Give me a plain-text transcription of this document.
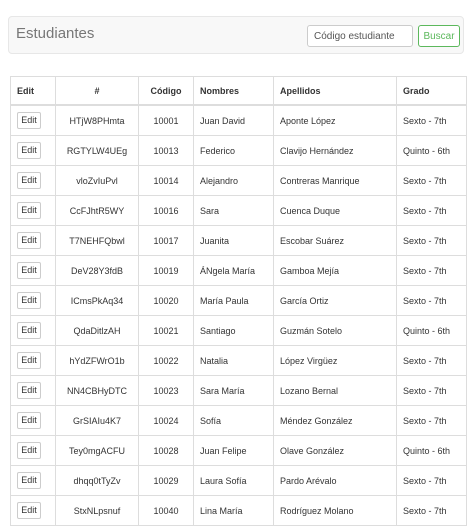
Estudiantes
Código estudiante	Buscar
Edit	#	Código	Nombres	Apellidos	Grado
Edit	HTjW8PHmta	10001	Juan David	Aponte López	Sexto - 7th
Edit	RGTYLW4UEg	10013	Federico	Clavijo Hernández	Quinto - 6th
Edit	vloZvIuPvl	10014	Alejandro	Contreras Manrique	Sexto - 7th
Edit	CcFJhtR5WY	10016	Sara	Cuenca Duque	Sexto - 7th
Edit	T7NEHFQbwl	10017	Juanita	Escobar Suárez	Sexto - 7th
Edit	DeV28Y3fdB	10019	ÁNgela María	Gamboa Mejía	Sexto - 7th
Edit	ICmsPkAq34	10020	María Paula	García Ortiz	Sexto - 7th
Edit	QdaDitlzAH	10021	Santiago	Guzmán Sotelo	Quinto - 6th
Edit	hYdZFWrO1b	10022	Natalia	López Virgüez	Sexto - 7th
Edit	NN4CBHyDTC	10023	Sara María	Lozano Bernal	Sexto - 7th
Edit	GrSIAIu4K7	10024	Sofía	Méndez González	Sexto - 7th
Edit	Tey0mgACFU	10028	Juan Felipe	Olave González	Quinto - 6th
Edit	dhqq0tTyZv	10029	Laura Sofía	Pardo Arévalo	Sexto - 7th
Edit	StxNLpsnuf	10040	Lina María	Rodríguez Molano	Sexto - 7th
